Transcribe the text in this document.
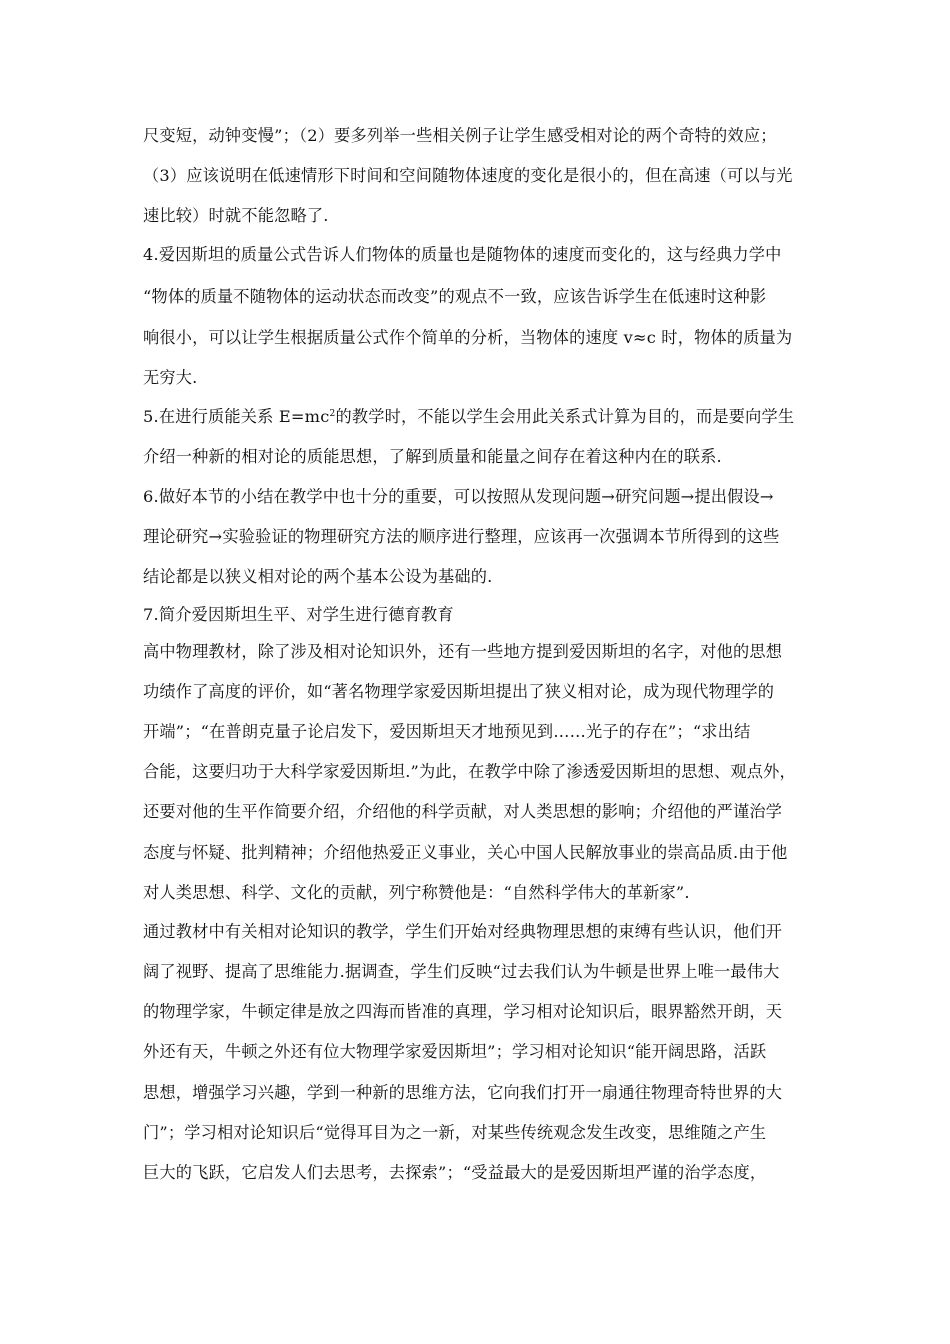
尺变短，动钟变慢”；（2）要多列举一些相关例子让学生感受相对论的两个奇特的效应；
（3）应该说明在低速情形下时间和空间随物体速度的变化是很小的，但在高速（可以与光
速比较）时就不能忽略了.
4.爱因斯坦的质量公式告诉人们物体的质量也是随物体的速度而变化的，这与经典力学中
“物体的质量不随物体的运动状态而改变”的观点不一致，应该告诉学生在低速时这种影
响很小，可以让学生根据质量公式作个简单的分析，当物体的速度 v≈c 时，物体的质量为
无穷大.
5.在进行质能关系 $E=mc^2$的教学时，不能以学生会用此关系式计算为目的，而是要向学生
介绍一种新的相对论的质能思想，了解到质量和能量之间存在着这种内在的联系.
6.做好本节的小结在教学中也十分的重要，可以按照从发现问题→研究问题→提出假设→
理论研究→实验验证的物理研究方法的顺序进行整理，应该再一次强调本节所得到的这些
结论都是以狭义相对论的两个基本公设为基础的.
7.简介爱因斯坦生平、对学生进行德育教育
高中物理教材，除了涉及相对论知识外，还有一些地方提到爱因斯坦的名字，对他的思想
功绩作了高度的评价，如“著名物理学家爱因斯坦提出了狭义相对论，成为现代物理学的
开端”；“在普朗克量子论启发下，爱因斯坦天才地预见到……光子的存在”；“求出结
合能，这要归功于大科学家爱因斯坦.”为此，在教学中除了渗透爱因斯坦的思想、观点外，
还要对他的生平作简要介绍，介绍他的科学贡献，对人类思想的影响；介绍他的严谨治学
态度与怀疑、批判精神；介绍他热爱正义事业，关心中国人民解放事业的崇高品质.由于他
对人类思想、科学、文化的贡献，列宁称赞他是：“自然科学伟大的革新家”.
通过教材中有关相对论知识的教学，学生们开始对经典物理思想的束缚有些认识，他们开
阔了视野、提高了思维能力.据调查，学生们反映“过去我们认为牛顿是世界上唯一最伟大
的物理学家，牛顿定律是放之四海而皆准的真理，学习相对论知识后，眼界豁然开朗，天
外还有天，牛顿之外还有位大物理学家爱因斯坦”；学习相对论知识“能开阔思路，活跃
思想，增强学习兴趣，学到一种新的思维方法，它向我们打开一扇通往物理奇特世界的大
门”；学习相对论知识后“觉得耳目为之一新，对某些传统观念发生改变，思维随之产生
巨大的飞跃，它启发人们去思考，去探索”；“受益最大的是爱因斯坦严谨的治学态度，
